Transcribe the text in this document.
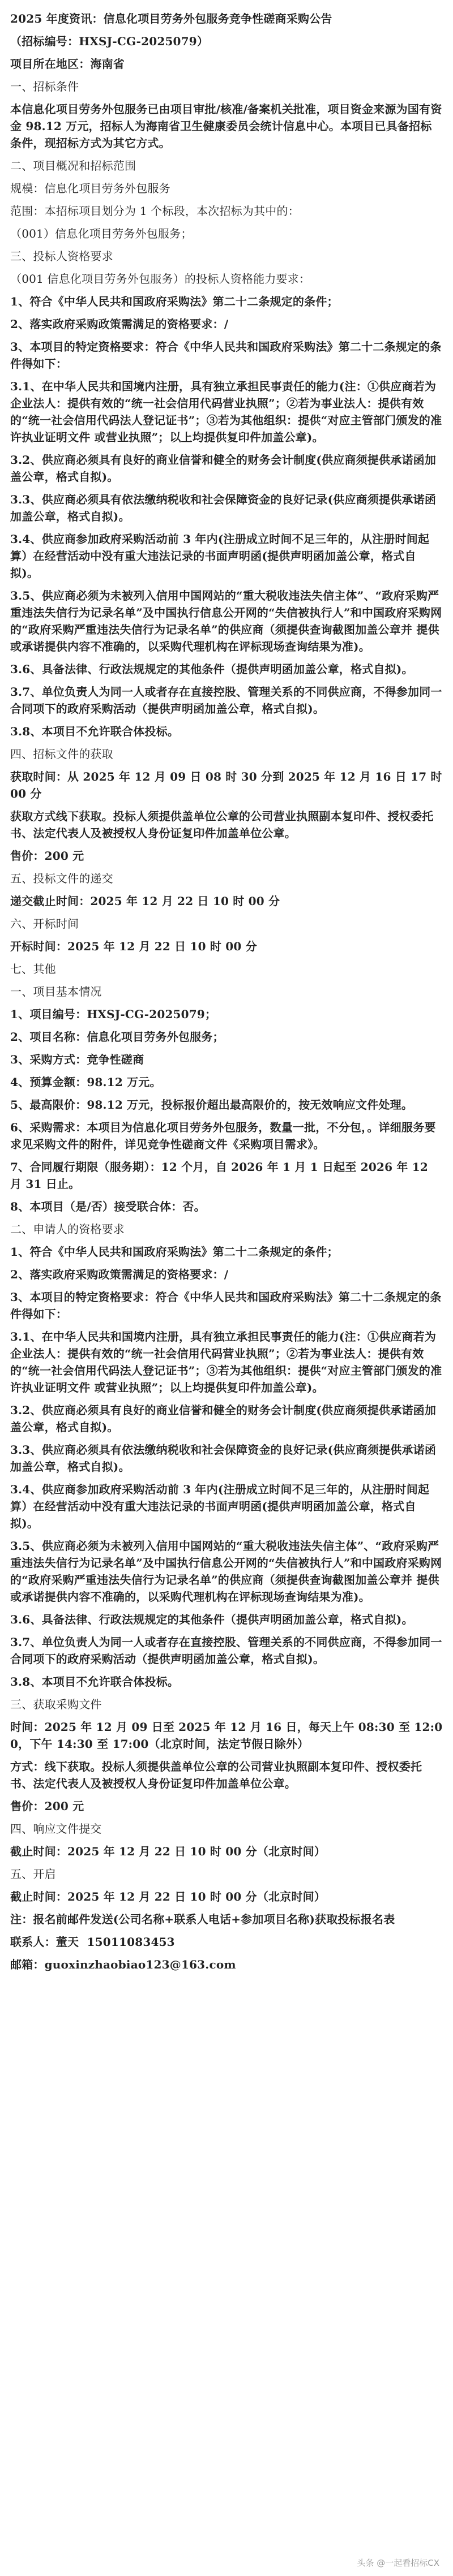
2025 年度资讯：信息化项目劳务外包服务竞争性磋商采购公告

（招标编号：HXSJ-CG-2025079）

项目所在地区：海南省

一、招标条件

本信息化项目劳务外包服务已由项目审批/核准/备案机关批准，项目资金来源为国有资金 98.12 万元，招标人为海南省卫生健康委员会统计信息中心。本项目已具备招标条件，现招标方式为其它方式。

二、项目概况和招标范围

规模：信息化项目劳务外包服务

范围：本招标项目划分为 1 个标段，本次招标为其中的：

（001）信息化项目劳务外包服务；

三、投标人资格要求

（001 信息化项目劳务外包服务）的投标人资格能力要求：

1、符合《中华人民共和国政府采购法》第二十二条规定的条件；

2、落实政府采购政策需满足的资格要求：/

3、本项目的特定资格要求：符合《中华人民共和国政府采购法》第二十二条规定的条件得如下：

3.1、在中华人民共和国境内注册，具有独立承担民事责任的能力(注：①供应商若为企业法人：提供有效的“统一社会信用代码营业执照”；②若为事业法人：提供有效的“统一社会信用代码法人登记证书”；③若为其他组织：提供“对应主管部门颁发的准许执业证明文件 或营业执照”；以上均提供复印件加盖公章)。

3.2、供应商必须具有良好的商业信誉和健全的财务会计制度(供应商须提供承诺函加盖公章，格式自拟)。

3.3、供应商必须具有依法缴纳税收和社会保障资金的良好记录(供应商须提供承诺函加盖公章，格式自拟)。

3.4、供应商参加政府采购活动前 3 年内(注册成立时间不足三年的，从注册时间起算）在经营活动中没有重大违法记录的书面声明函(提供声明函加盖公章，格式自拟)。

3.5、供应商必须为未被列入信用中国网站的“重大税收违法失信主体”、“政府采购严重违法失信行为记录名单”及中国执行信息公开网的“失信被执行人”和中国政府采购网的“政府采购严重违法失信行为记录名单”的供应商（须提供查询截图加盖公章并 提供或承诺提供内容不准确的，以采购代理机构在评标现场查询结果为准)。

3.6、具备法律、行政法规规定的其他条件（提供声明函加盖公章，格式自拟)。

3.7、单位负责人为同一人或者存在直接控股、管理关系的不同供应商，不得参加同一合同项下的政府采购活动（提供声明函加盖公章，格式自拟)。

3.8、本项目不允许联合体投标。

四、招标文件的获取

获取时间：从 2025 年 12 月 09 日 08 时 30 分到 2025 年 12 月 16 日 17 时 00 分

获取方式线下获取。投标人须提供盖单位公章的公司营业执照副本复印件、授权委托书、法定代表人及被授权人身份证复印件加盖单位公章。

售价：200 元

五、投标文件的递交

递交截止时间：2025 年 12 月 22 日 10 时 00 分

六、开标时间

开标时间：2025 年 12 月 22 日 10 时 00 分

七、其他

一、项目基本情况

1、项目编号：HXSJ-CG-2025079；

2、项目名称：信息化项目劳务外包服务；

3、采购方式：竞争性磋商

4、预算金额：98.12 万元。

5、最高限价：98.12 万元，投标报价超出最高限价的，按无效响应文件处理。

6、采购需求：本项目为信息化项目劳务外包服务，数量一批，不分包，。详细服务要求见采购文件的附件，详见竞争性磋商文件《采购项目需求》。

7、合同履行期限（服务期）：12 个月，自 2026 年 1 月 1 日起至 2026 年 12 月 31 日止。

8、本项目（是/否）接受联合体：否。

二、申请人的资格要求

1、符合《中华人民共和国政府采购法》第二十二条规定的条件；

2、落实政府采购政策需满足的资格要求：/

3、本项目的特定资格要求：符合《中华人民共和国政府采购法》第二十二条规定的条件得如下：

3.1、在中华人民共和国境内注册，具有独立承担民事责任的能力(注：①供应商若为企业法人：提供有效的“统一社会信用代码营业执照”；②若为事业法人：提供有效的“统一社会信用代码法人登记证书”；③若为其他组织：提供“对应主管部门颁发的准许执业证明文件 或营业执照”；以上均提供复印件加盖公章)。

3.2、供应商必须具有良好的商业信誉和健全的财务会计制度(供应商须提供承诺函加盖公章，格式自拟)。

3.3、供应商必须具有依法缴纳税收和社会保障资金的良好记录(供应商须提供承诺函加盖公章，格式自拟)。

3.4、供应商参加政府采购活动前 3 年内(注册成立时间不足三年的，从注册时间起算）在经营活动中没有重大违法记录的书面声明函(提供声明函加盖公章，格式自拟)。

3.5、供应商必须为未被列入信用中国网站的“重大税收违法失信主体”、“政府采购严重违法失信行为记录名单”及中国执行信息公开网的“失信被执行人”和中国政府采购网的“政府采购严重违法失信行为记录名单”的供应商（须提供查询截图加盖公章并 提供或承诺提供内容不准确的，以采购代理机构在评标现场查询结果为准)。

3.6、具备法律、行政法规规定的其他条件（提供声明函加盖公章，格式自拟)。

3.7、单位负责人为同一人或者存在直接控股、管理关系的不同供应商，不得参加同一合同项下的政府采购活动（提供声明函加盖公章，格式自拟)。

3.8、本项目不允许联合体投标。

三、获取采购文件

时间：2025 年 12 月 09 日至 2025 年 12 月 16 日，每天上午 08:30 至 12:00，下午 14:30 至 17:00（北京时间，法定节假日除外）

方式：线下获取。投标人须提供盖单位公章的公司营业执照副本复印件、授权委托书、法定代表人及被授权人身份证复印件加盖单位公章。

售价：200 元

四、响应文件提交

截止时间：2025 年 12 月 22 日 10 时 00 分（北京时间）

五、开启

截止时间：2025 年 12 月 22 日 10 时 00 分（北京时间）

注：报名前邮件发送(公司名称+联系人电话+参加项目名称)获取投标报名表

联系人：董天  15011083453

邮箱：guoxinzhaobiao123@163.com

头条 @一起看招标CX
